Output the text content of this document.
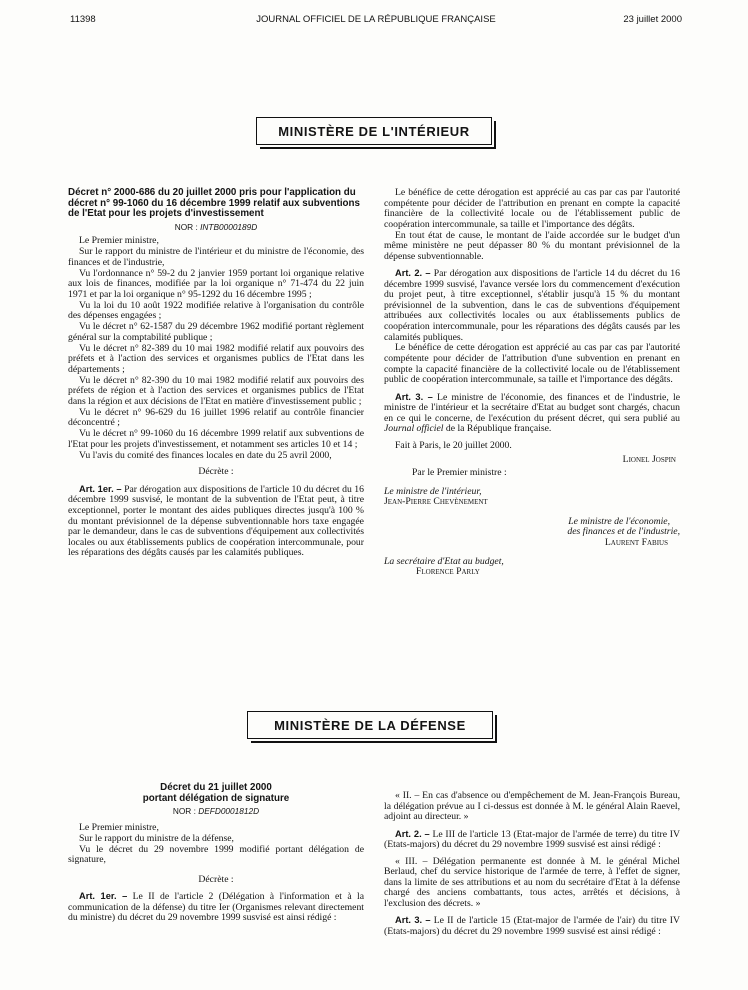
11398	JOURNAL OFFICIEL DE LA RÉPUBLIQUE FRANÇAISE	23 juillet 2000
MINISTÈRE DE L'INTÉRIEUR
Décret n° 2000-686 du 20 juillet 2000 pris pour l'application du décret n° 99-1060 du 16 décembre 1999 relatif aux subventions de l'Etat pour les projets d'investissement
NOR : INTB0000189D

Le Premier ministre,

Sur le rapport du ministre de l'intérieur et du ministre de l'économie, des finances et de l'industrie,

Vu l'ordonnance n° 59-2 du 2 janvier 1959 portant loi organique relative aux lois de finances, modifiée par la loi organique n° 71-474 du 22 juin 1971 et par la loi organique n° 95-1292 du 16 décembre 1995 ;

Vu la loi du 10 août 1922 modifiée relative à l'organisation du contrôle des dépenses engagées ;

Vu le décret n° 62-1587 du 29 décembre 1962 modifié portant règlement général sur la comptabilité publique ;

Vu le décret n° 82-389 du 10 mai 1982 modifié relatif aux pouvoirs des préfets et à l'action des services et organismes publics de l'Etat dans les départements ;

Vu le décret n° 82-390 du 10 mai 1982 modifié relatif aux pouvoirs des préfets de région et à l'action des services et organismes publics de l'Etat dans la région et aux décisions de l'Etat en matière d'investissement public ;

Vu le décret n° 96-629 du 16 juillet 1996 relatif au contrôle financier déconcentré ;

Vu le décret n° 99-1060 du 16 décembre 1999 relatif aux subventions de l'Etat pour les projets d'investissement, et notamment ses articles 10 et 14 ;

Vu l'avis du comité des finances locales en date du 25 avril 2000,

Décrète :

Art. 1er. – Par dérogation aux dispositions de l'article 10 du décret du 16 décembre 1999 susvisé, le montant de la subvention de l'Etat peut, à titre exceptionnel, porter le montant des aides publiques directes jusqu'à 100 % du montant prévisionnel de la dépense subventionnable hors taxe engagée par le demandeur, dans le cas de subventions d'équipement aux collectivités locales ou aux établissements publics de coopération intercommunale, pour les réparations des dégâts causés par les calamités publiques.

Le bénéfice de cette dérogation est apprécié au cas par cas par l'autorité compétente pour décider de l'attribution en prenant en compte la capacité financière de la collectivité locale ou de l'établissement public de coopération intercommunale, sa taille et l'importance des dégâts.

En tout état de cause, le montant de l'aide accordée sur le budget d'un même ministère ne peut dépasser 80 % du montant prévisionnel de la dépense subventionnable.

Art. 2. – Par dérogation aux dispositions de l'article 14 du décret du 16 décembre 1999 susvisé, l'avance versée lors du commencement d'exécution du projet peut, à titre exceptionnel, s'établir jusqu'à 15 % du montant prévisionnel de la subvention, dans le cas de subventions d'équipement attribuées aux collectivités locales ou aux établissements publics de coopération intercommunale, pour les réparations des dégâts causés par les calamités publiques.

Le bénéfice de cette dérogation est apprécié au cas par cas par l'autorité compétente pour décider de l'attribution d'une subvention en prenant en compte la capacité financière de la collectivité locale ou de l'établissement public de coopération intercommunale, sa taille et l'importance des dégâts.

Art. 3. – Le ministre de l'économie, des finances et de l'industrie, le ministre de l'intérieur et la secrétaire d'Etat au budget sont chargés, chacun en ce qui le concerne, de l'exécution du présent décret, qui sera publié au Journal officiel de la République française.

Fait à Paris, le 20 juillet 2000.

Lionel Jospin
Par le Premier ministre :
Le ministre de l'intérieur,
Jean-Pierre Chevènement
Le ministre de l'économie,
des finances et de l'industrie,
Laurent Fabius
La secrétaire d'Etat au budget,
Florence Parly
MINISTÈRE DE LA DÉFENSE
Décret du 21 juillet 2000
portant délégation de signature
NOR : DEFD0001812D

Le Premier ministre,

Sur le rapport du ministre de la défense,

Vu le décret du 29 novembre 1999 modifié portant délégation de signature,

Décrète :

Art. 1er. – Le II de l'article 2 (Délégation à l'information et à la communication de la défense) du titre Ier (Organismes relevant directement du ministre) du décret du 29 novembre 1999 susvisé est ainsi rédigé :

« II. – En cas d'absence ou d'empêchement de M. Jean-François Bureau, la délégation prévue au I ci-dessus est donnée à M. le général Alain Raevel, adjoint au directeur. »

Art. 2. – Le III de l'article 13 (Etat-major de l'armée de terre) du titre IV (Etats-majors) du décret du 29 novembre 1999 susvisé est ainsi rédigé :

« III. – Délégation permanente est donnée à M. le général Michel Berlaud, chef du service historique de l'armée de terre, à l'effet de signer, dans la limite de ses attributions et au nom du secrétaire d'Etat à la défense chargé des anciens combattants, tous actes, arrêtés et décisions, à l'exclusion des décrets. »

Art. 3. – Le II de l'article 15 (Etat-major de l'armée de l'air) du titre IV (Etats-majors) du décret du 29 novembre 1999 susvisé est ainsi rédigé :
